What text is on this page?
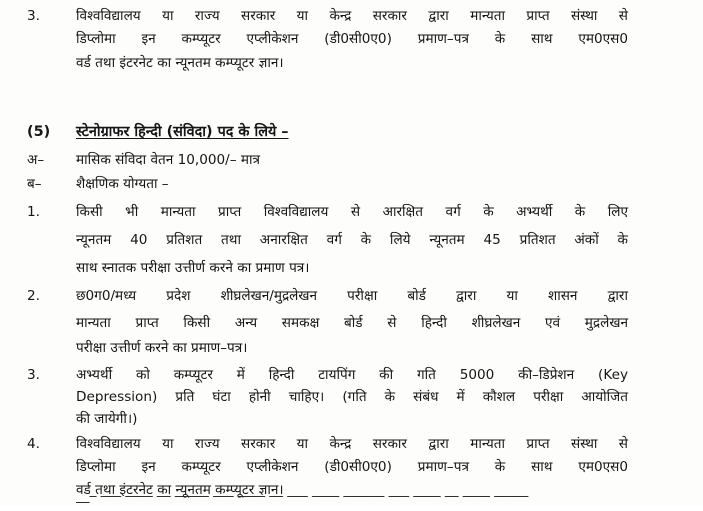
3.	विश्वविद्यालय या राज्य सरकार या केन्द्र सरकार द्वारा मान्यता प्राप्त संस्था से
डिप्लोमा इन कम्प्यूटर एप्लीकेशन (डी0सी0ए0) प्रमाण–पत्र के साथ एम0एस0
वर्ड तथा इंटरनेट का न्यूनतम कम्प्यूटर ज्ञान।
(5) स्टेनोग्राफर हिन्दी (संविदा) पद के लिये –
अ– मासिक संविदा वेतन 10,000/– मात्र
ब–	शैक्षणिक योग्यता –
1.	किसी भी मान्यता प्राप्त विश्वविद्यालय से आरक्षित वर्ग के अभ्यर्थी के लिए
न्यूनतम 40 प्रतिशत तथा अनारक्षित वर्ग के लिये न्यूनतम 45 प्रतिशत अंकों के
साथ स्नातक परीक्षा उत्तीर्ण करने का प्रमाण पत्र।
2.	छ0ग0/मध्य प्रदेश शीघ्रलेखन/मुद्रलेखन परीक्षा बोर्ड द्वारा या शासन द्वारा
मान्यता प्राप्त किसी अन्य समकक्ष बोर्ड से हिन्दी शीघ्रलेखन एवं मुद्रलेखन
परीक्षा उत्तीर्ण करने का प्रमाण–पत्र।
3.	अभ्यर्थी को कम्प्यूटर में हिन्दी टायपिंग की गति 5000 की–डिप्रेशन (Key
Depression) प्रति घंटा होनी चाहिए। (गति के संबंध में कौशल परीक्षा आयोजित
की जायेगी।)
4.	विश्वविद्यालय या राज्य सरकार या केन्द्र सरकार द्वारा मान्यता प्राप्त संस्था से
डिप्लोमा इन कम्प्यूटर एप्लीकेशन (डी0सी0ए0) प्रमाण–पत्र के साथ एम0एस0
वर्ड तथा इंटरनेट का न्यूनतम कम्प्यूटर ज्ञान।
―‾ ‾‾‾ ‾‾‾‾ ‾‾ ‾‾‾‾‾ ‾‾‾ ‾‾‾‾ ‾‾ ‾‾‾ ‾‾‾‾ ‾‾‾‾‾‾ ‾‾‾ ‾‾‾‾ ‾‾ ‾‾‾‾ ‾‾‾‾‾
